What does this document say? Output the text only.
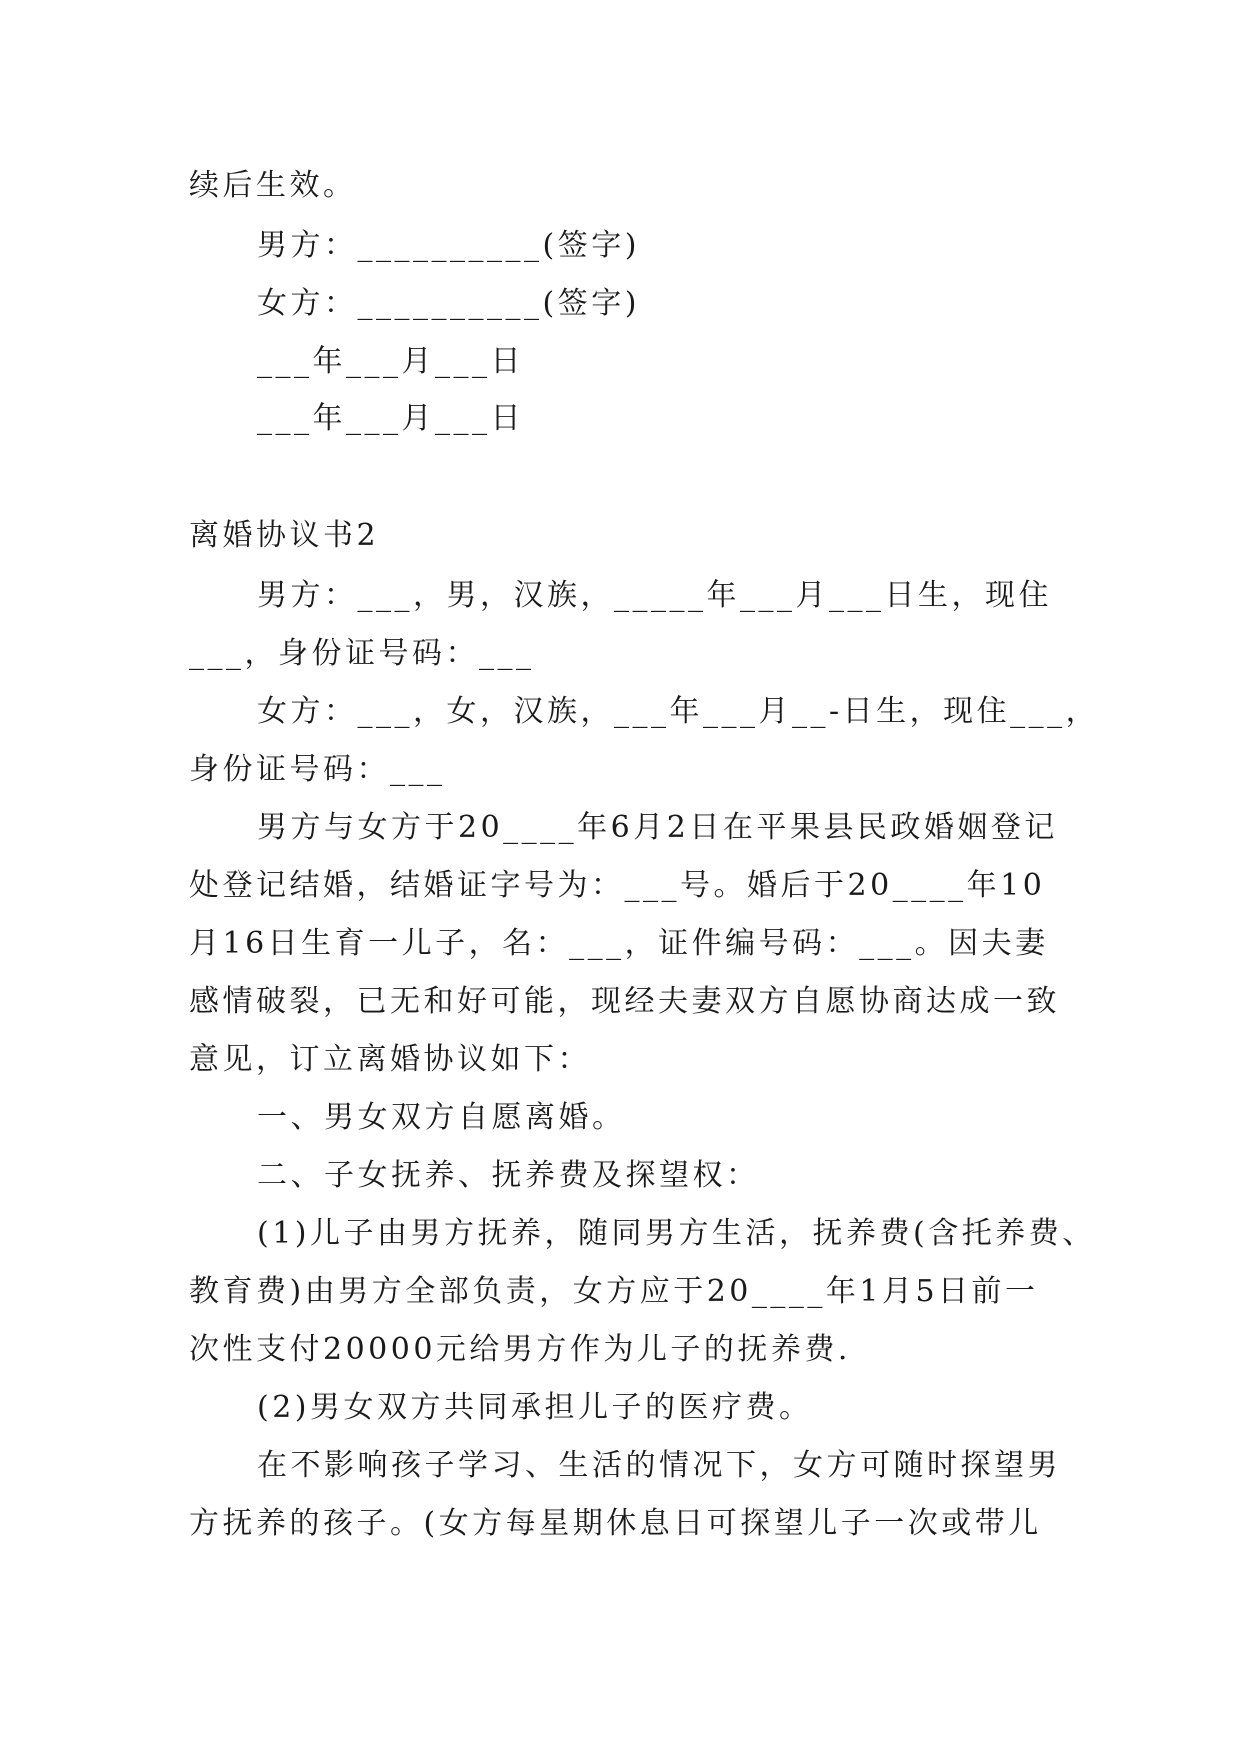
续后生效。
男方：__________(签字)
女方：__________(签字)
___年___月___日
___年___月___日
离婚协议书2
男方：___，男，汉族，_____年___月___日生，现住
___，身份证号码：___
女方：___，女，汉族，___年___月__-日生，现住___，
身份证号码：___
男方与女方于20____年6月2日在平果县民政婚姻登记
处登记结婚，结婚证字号为：___号。婚后于20____年10
月16日生育一儿子，名：___，证件编号码：___。因夫妻
感情破裂，已无和好可能，现经夫妻双方自愿协商达成一致
意见，订立离婚协议如下：
一、男女双方自愿离婚。
二、子女抚养、抚养费及探望权：
(1)儿子由男方抚养，随同男方生活，抚养费(含托养费、
教育费)由男方全部负责，女方应于20____年1月5日前一
次性支付20000元给男方作为儿子的抚养费.
(2)男女双方共同承担儿子的医疗费。
在不影响孩子学习、生活的情况下，女方可随时探望男
方抚养的孩子。(女方每星期休息日可探望儿子一次或带儿
